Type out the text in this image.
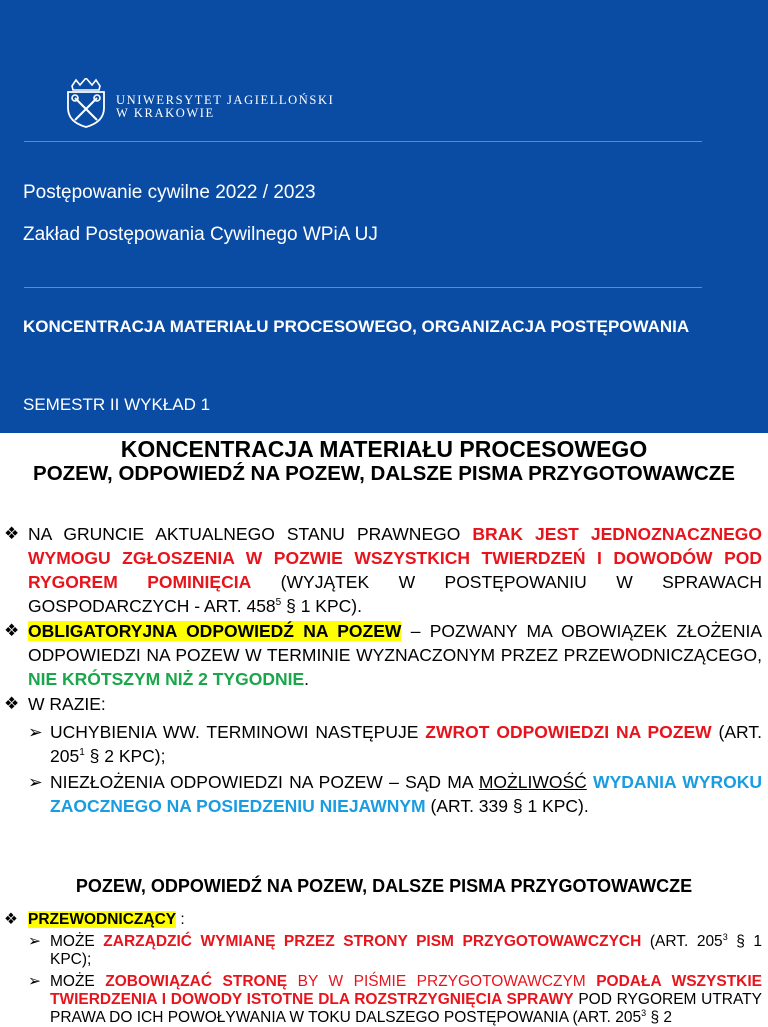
UNIWERSYTET JAGIELLOŃSKI
W KRAKOWIE
Postępowanie cywilne 2022 / 2023
Zakład Postępowania Cywilnego WPiA UJ
KONCENTRACJA MATERIAŁU PROCESOWEGO, ORGANIZACJA POSTĘPOWANIA
SEMESTR II WYKŁAD 1
KONCENTRACJA MATERIAŁU PROCESOWEGO
POZEW, ODPOWIEDŹ NA POZEW, DALSZE PISMA PRZYGOTOWAWCZE
❖ NA GRUNCIE AKTUALNEGO STANU PRAWNEGO BRAK JEST JEDNOZNACZNEGO WYMOGU ZGŁOSZENIA W POZWIE WSZYSTKICH TWIERDZEŃ I DOWODÓW POD RYGOREM POMINIĘCIA (WYJĄTEK W POSTĘPOWANIU W SPRAWACH GOSPODARCZYCH - ART. $458^5$ § 1 KPC).
❖ OBLIGATORYJNA ODPOWIEDŹ NA POZEW – POZWANY MA OBOWIĄZEK ZŁOŻENIA ODPOWIEDZI NA POZEW W TERMINIE WYZNACZONYM PRZEZ PRZEWODNICZĄCEGO, NIE KRÓTSZYM NIŻ 2 TYGODNIE.
❖ W RAZIE:
➢ UCHYBIENIA WW. TERMINOWI NASTĘPUJE ZWROT ODPOWIEDZI NA POZEW (ART. $205^1$ § 2 KPC);
➢ NIEZŁOŻENIA ODPOWIEDZI NA POZEW – SĄD MA MOŻLIWOŚĆ WYDANIA WYROKU ZAOCZNEGO NA POSIEDZENIU NIEJAWNYM (ART. 339 § 1 KPC).
POZEW, ODPOWIEDŹ NA POZEW, DALSZE PISMA PRZYGOTOWAWCZE
❖ PRZEWODNICZĄCY :
➢ MOŻE ZARZĄDZIĆ WYMIANĘ PRZEZ STRONY PISM PRZYGOTOWAWCZYCH (ART. $205^3$ § 1 KPC);
➢ MOŻE ZOBOWIĄZAĆ STRONĘ BY W PIŚMIE PRZYGOTOWAWCZYM PODAŁA WSZYSTKIE TWIERDZENIA I DOWODY ISTOTNE DLA ROZSTRZYGNIĘCIA SPRAWY POD RYGOREM UTRATY PRAWA DO ICH POWOŁYWANIA W TOKU DALSZEGO POSTĘPOWANIA (ART. $205^3$ § 2
